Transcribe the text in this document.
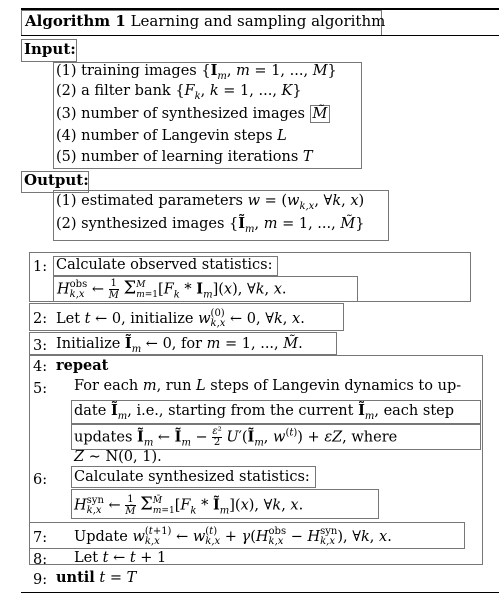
Algorithm 1 Learning and sampling algorithm
Input:
(1) training images {$I_m$, m = 1, ..., M}
(2) a filter bank {$F_k$, k = 1, ..., K}
(3) number of synthesized images M̃
(4) number of Langevin steps L
(5) number of learning iterations T
Output:
(1) estimated parameters $w = (w_{k,x}$, ∀k, x)
(2) synthesized images {$Ĩ_m$, m = 1, ..., M̃}
1: Calculate observed statistics:
H obs
k,x ← $\frac{1}{M}$ Σ M
m=1 $[F_k * I_m](x)$, ∀k, x.
2: Let t ← 0, initialize w (0)
k,x ← 0, ∀k, x.
3: Initialize $Ĩ_m$ ← 0, for m = 1, ..., M̃.
4: repeat
5: For each m, run L steps of Langevin dynamics to up-
date $Ĩ_m$, i.e., starting from the current $Ĩ_m$, each step
updates $Ĩ_m$ ← $Ĩ_m - \frac{\text{ε²}}{2}$ $U'(Ĩ_m$, $w^{(t)}) + \varepsilon Z$, where
Z ∼ N(0, 1).
6: Calculate synthesized statistics:
H syn
k,x ← $\frac{1}{M̃}$ Σ M̃
m=1 [$F_k$ * $Ĩ_m](x)$, ∀k, x.
7: Update w (t+1)
k,x ← w (t)
k,x + γ(H obs
k,x − H syn
k,x ), ∀k, x.
8: Let t ← t + 1
9: until t = T
